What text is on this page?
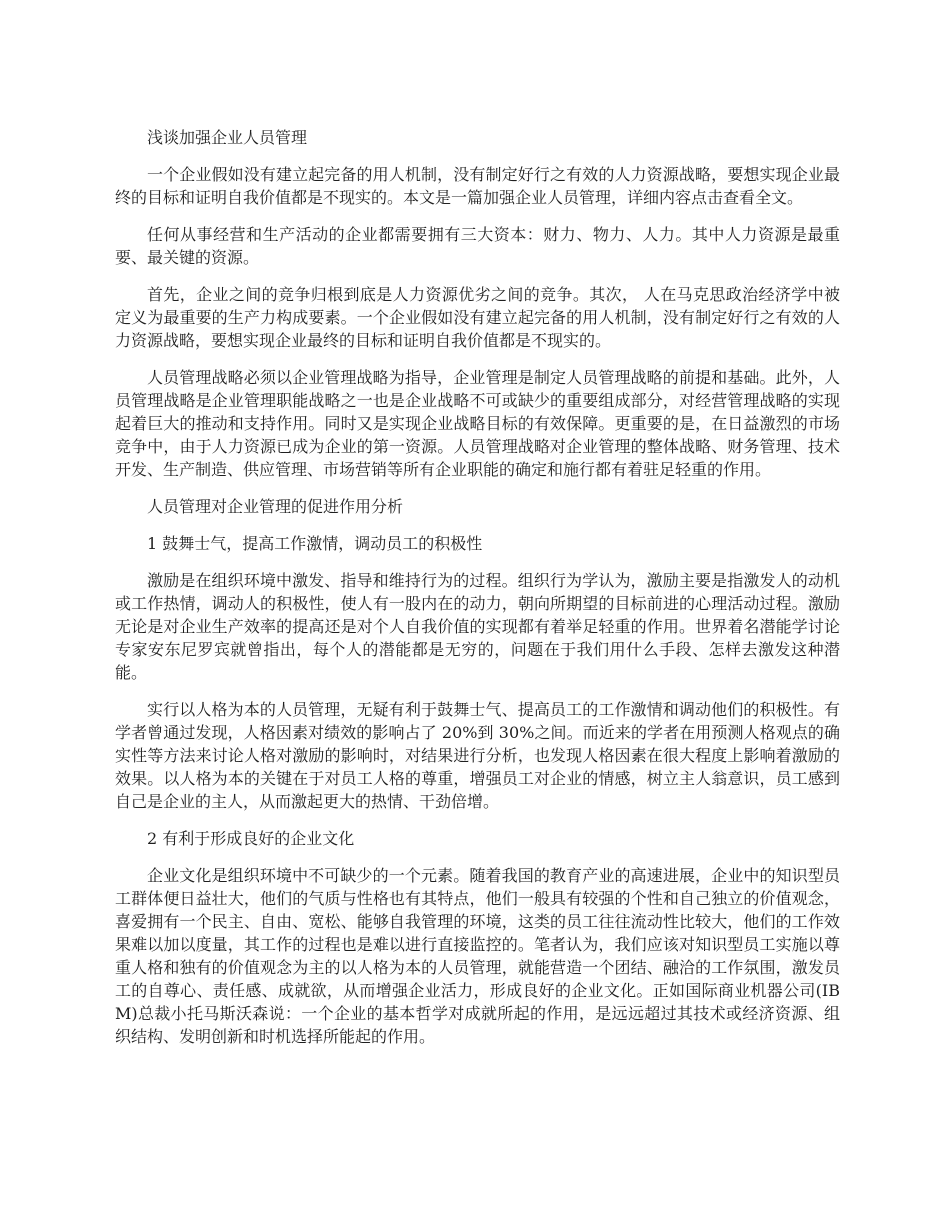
浅谈加强企业人员管理

一个企业假如没有建立起完备的用人机制，没有制定好行之有效的人力资源战略，要想实现企业最终的目标和证明自我价值都是不现实的。本文是一篇加强企业人员管理，详细内容点击查看全文。

任何从事经营和生产活动的企业都需要拥有三大资本：财力、物力、人力。其中人力资源是最重要、最关键的资源。

首先，企业之间的竞争归根到底是人力资源优劣之间的竞争。其次， 人在马克思政治经济学中被定义为最重要的生产力构成要素。一个企业假如没有建立起完备的用人机制，没有制定好行之有效的人力资源战略，要想实现企业最终的目标和证明自我价值都是不现实的。

人员管理战略必须以企业管理战略为指导，企业管理是制定人员管理战略的前提和基础。此外，人员管理战略是企业管理职能战略之一也是企业战略不可或缺少的重要组成部分，对经营管理战略的实现起着巨大的推动和支持作用。同时又是实现企业战略目标的有效保障。更重要的是，在日益激烈的市场竞争中，由于人力资源已成为企业的第一资源。人员管理战略对企业管理的整体战略、财务管理、技术开发、生产制造、供应管理、市场营销等所有企业职能的确定和施行都有着驻足轻重的作用。

人员管理对企业管理的促进作用分析

1 鼓舞士气，提高工作激情，调动员工的积极性

激励是在组织环境中激发、指导和维持行为的过程。组织行为学认为，激励主要是指激发人的动机或工作热情，调动人的积极性，使人有一股内在的动力，朝向所期望的目标前进的心理活动过程。激励无论是对企业生产效率的提高还是对个人自我价值的实现都有着举足轻重的作用。世界着名潜能学讨论专家安东尼罗宾就曾指出，每个人的潜能都是无穷的，问题在于我们用什么手段、怎样去激发这种潜能。

实行以人格为本的人员管理，无疑有利于鼓舞士气、提高员工的工作激情和调动他们的积极性。有学者曾通过发现，人格因素对绩效的影响占了 20%到 30%之间。而近来的学者在用预测人格观点的确实性等方法来讨论人格对激励的影响时，对结果进行分析，也发现人格因素在很大程度上影响着激励的效果。以人格为本的关键在于对员工人格的尊重，增强员工对企业的情感，树立主人翁意识，员工感到自己是企业的主人，从而激起更大的热情、干劲倍增。

2 有利于形成良好的企业文化

企业文化是组织环境中不可缺少的一个元素。随着我国的教育产业的高速进展，企业中的知识型员工群体便日益壮大，他们的气质与性格也有其特点，他们一般具有较强的个性和自己独立的价值观念，喜爱拥有一个民主、自由、宽松、能够自我管理的环境，这类的员工往往流动性比较大，他们的工作效果难以加以度量，其工作的过程也是难以进行直接监控的。笔者认为，我们应该对知识型员工实施以尊重人格和独有的价值观念为主的以人格为本的人员管理，就能营造一个团结、融洽的工作氛围，激发员工的自尊心、责任感、成就欲，从而增强企业活力，形成良好的企业文化。正如国际商业机器公司(IBM)总裁小托马斯沃森说：一个企业的基本哲学对成就所起的作用，是远远超过其技术或经济资源、组织结构、发明创新和时机选择所能起的作用。
